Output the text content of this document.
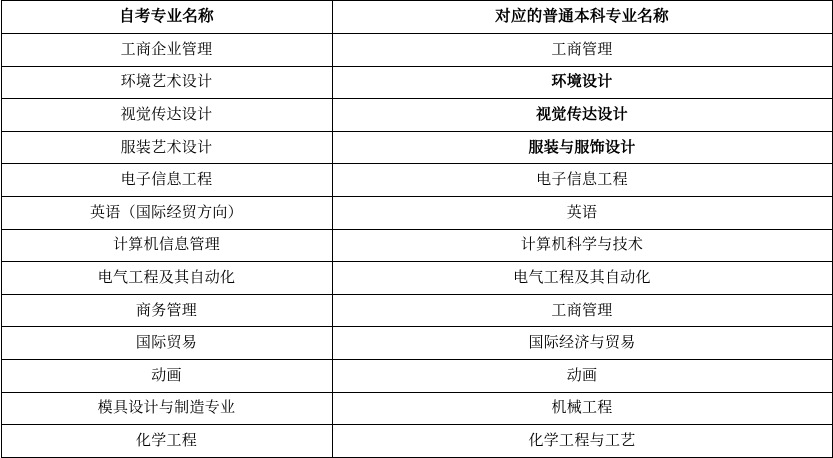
自考专业名称	对应的普通本科专业名称
工商企业管理	工商管理
环境艺术设计	环境设计
视觉传达设计	视觉传达设计
服装艺术设计	服装与服饰设计
电子信息工程	电子信息工程
英语（国际经贸方向）	英语
计算机信息管理	计算机科学与技术
电气工程及其自动化	电气工程及其自动化
商务管理	工商管理
国际贸易	国际经济与贸易
动画	动画
模具设计与制造专业	机械工程
化学工程	化学工程与工艺
